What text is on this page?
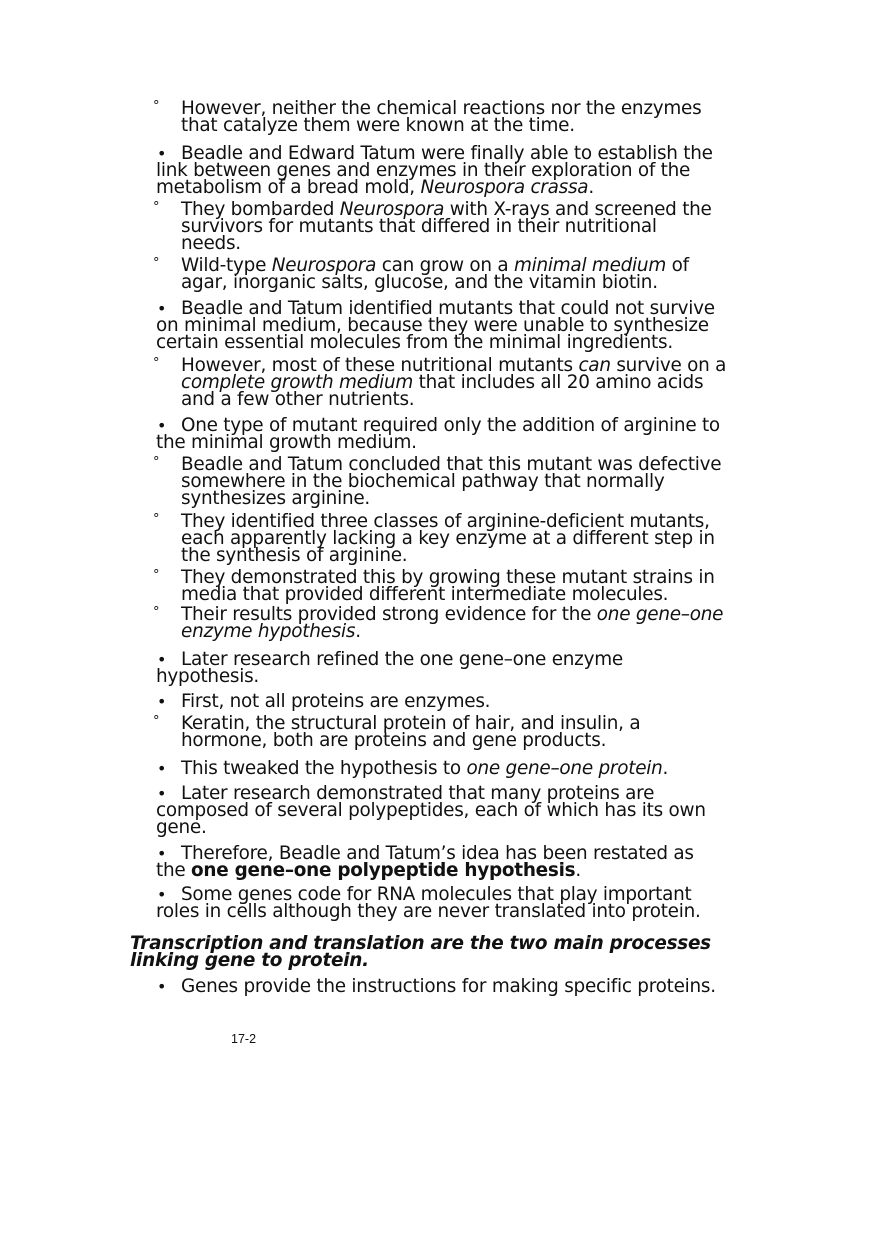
° However, neither the chemical reactions nor the enzymes
that catalyze them were known at the time.

• Beadle and Edward Tatum were finally able to establish the
link between genes and enzymes in their exploration of the
metabolism of a bread mold, Neurospora crassa.

° They bombarded Neurospora with X-rays and screened the
survivors for mutants that differed in their nutritional
needs.

° Wild-type Neurospora can grow on a minimal medium of
agar, inorganic salts, glucose, and the vitamin biotin.

• Beadle and Tatum identified mutants that could not survive
on minimal medium, because they were unable to synthesize
certain essential molecules from the minimal ingredients.

° However, most of these nutritional mutants can survive on a
complete growth medium that includes all 20 amino acids
and a few other nutrients.

• One type of mutant required only the addition of arginine to
the minimal growth medium.

° Beadle and Tatum concluded that this mutant was defective
somewhere in the biochemical pathway that normally
synthesizes arginine.

° They identified three classes of arginine-deficient mutants,
each apparently lacking a key enzyme at a different step in
the synthesis of arginine.

° They demonstrated this by growing these mutant strains in
media that provided different intermediate molecules.

° Their results provided strong evidence for the one gene–one
enzyme hypothesis.

• Later research refined the one gene–one enzyme
hypothesis.

• First, not all proteins are enzymes.

° Keratin, the structural protein of hair, and insulin, a
hormone, both are proteins and gene products.

• This tweaked the hypothesis to one gene–one protein.

• Later research demonstrated that many proteins are
composed of several polypeptides, each of which has its own
gene.

• Therefore, Beadle and Tatum’s idea has been restated as
the one gene–one polypeptide hypothesis.

• Some genes code for RNA molecules that play important
roles in cells although they are never translated into protein.

Transcription and translation are the two main processes
linking gene to protein.

• Genes provide the instructions for making specific proteins.

17-2
